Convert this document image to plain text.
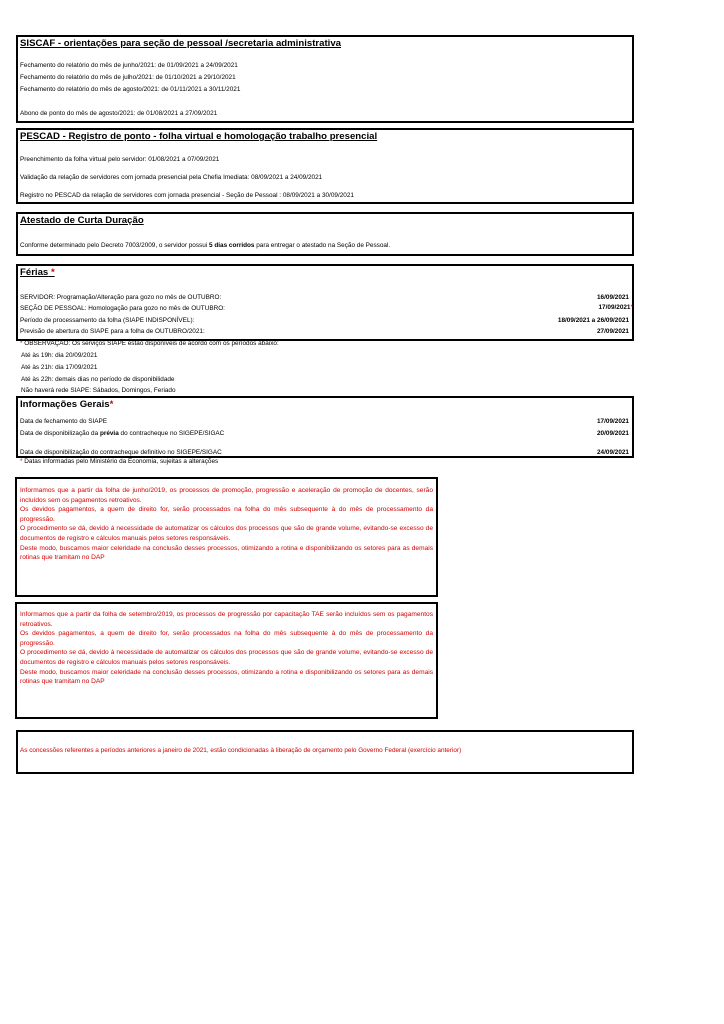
SISCAF - orientações para seção de pessoal /secretaria administrativa
Fechamento do relatório do mês de junho/2021: de 01/09/2021 a 24/09/2021
Fechamento do relatório do mês de julho/2021: de 01/10/2021 a 29/10/2021
Fechamento do relatório do mês de agosto/2021: de 01/11/2021 a 30/11/2021
Abono de ponto do mês de agosto/2021: de 01/08/2021 a 27/09/2021
PESCAD - Registro de ponto - folha virtual e homologação trabalho presencial
Preenchimento da folha virtual pelo servidor: 01/08/2021 a 07/09/2021
Validação da relação de servidores com jornada presencial pela Chefia Imediata: 08/09/2021 a 24/09/2021
Registro no PESCAD da relação de servidores com jornada presencial - Seção de Pessoal : 08/09/2021 a 30/09/2021
Atestado de Curta Duração
Conforme determinado pelo Decreto 7003/2009, o servidor possui 5 dias corridos para entregar o atestado na Seção de Pessoal.
Férias *
SERVIDOR: Programação/Alteração para gozo no mês de OUTUBRO:	16/09/2021
SEÇÃO DE PESSOAL: Homologação para gozo no mês de OUTUBRO:	17/09/2021*
Período de processamento da folha (SIAPE INDISPONÍVEL):	18/09/2021 a 26/09/2021
Previsão de abertura do SIAPE para a folha de OUTUBRO/2021:	27/09/2021
* OBSERVAÇÃO: Os serviços SIAPE estão disponíveis de acordo com os períodos abaixo:
Até às 19h: dia 20/09/2021
Até às 21h: dia 17/09/2021
Até às 22h: demais dias no período de disponibilidade
Não haverá rede SIAPE: Sábados, Domingos, Feriado
Informações Gerais*
Data de fechamento do SIAPE	17/09/2021
Data de disponibilização da prévia do contracheque no SIGEPE/SIGAC	20/09/2021
Data de disponibilização do contracheque definitivo no SIGEPE/SIGAC	24/09/2021
* Datas informadas pelo Ministério da Economia, sujeitas a alterações

Informamos que a partir da folha de junho/2019, os processos de promoção, progressão e aceleração de promoção de docentes, serão incluídos sem os pagamentos retroativos.

Os devidos pagamentos, a quem de direito for, serão processados na folha do mês subsequente à do mês de processamento da progressão.

O procedimento se dá, devido à necessidade de automatizar os cálculos dos processos que são de grande volume, evitando-se excesso de documentos de registro e cálculos manuais pelos setores responsáveis.

Deste modo, buscamos maior celeridade na conclusão desses processos, otimizando a rotina e disponibilizando os setores para as demais rotinas que tramitam no DAP

Informamos que a partir da folha de setembro/2019, os processos de progressão por capacitação TAE serão incluídos sem os pagamentos retroativos.

Os devidos pagamentos, a quem de direito for, serão processados na folha do mês subsequente à do mês de processamento da progressão.

O procedimento se dá, devido à necessidade de automatizar os cálculos dos processos que são de grande volume, evitando-se excesso de documentos de registro e cálculos manuais pelos setores responsáveis.

Deste modo, buscamos maior celeridade na conclusão desses processos, otimizando a rotina e disponibilizando os setores para as demais rotinas que tramitam no DAP

As concessões referentes a períodos anteriores a janeiro de 2021, estão condicionadas à liberação de orçamento pelo Governo Federal (exercício anterior)
